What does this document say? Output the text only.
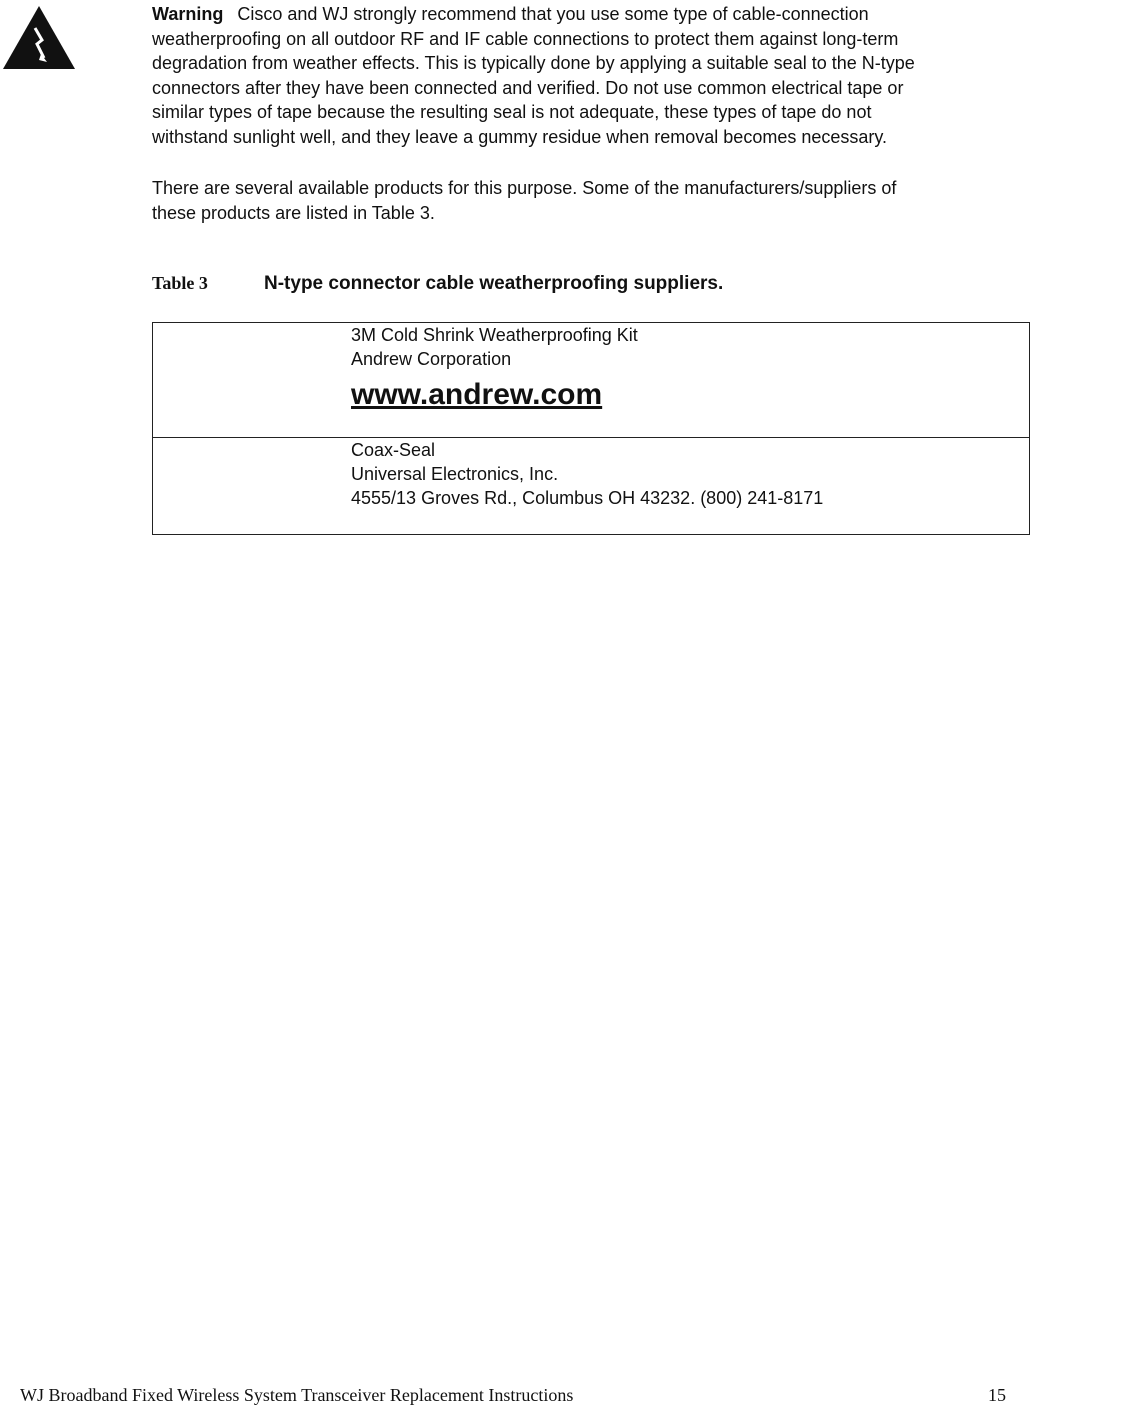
Warning Cisco and WJ strongly recommend that you use some type of cable-connection
weatherproofing on all outdoor RF and IF cable connections to protect them against long-term
degradation from weather effects. This is typically done by applying a suitable seal to the N-type
connectors after they have been connected and verified. Do not use common electrical tape or
similar types of tape because the resulting seal is not adequate, these types of tape do not
withstand sunlight well, and they leave a gummy residue when removal becomes necessary.
There are several available products for this purpose. Some of the manufacturers/suppliers of
these products are listed in Table 3.
Table 3	N-type connector cable weatherproofing suppliers.
3M Cold Shrink Weatherproofing Kit
Andrew Corporation
www.andrew.com
Coax-Seal
Universal Electronics, Inc.
4555/13 Groves Rd., Columbus OH 43232. (800) 241-8171
WJ Broadband Fixed Wireless System Transceiver Replacement Instructions	15
